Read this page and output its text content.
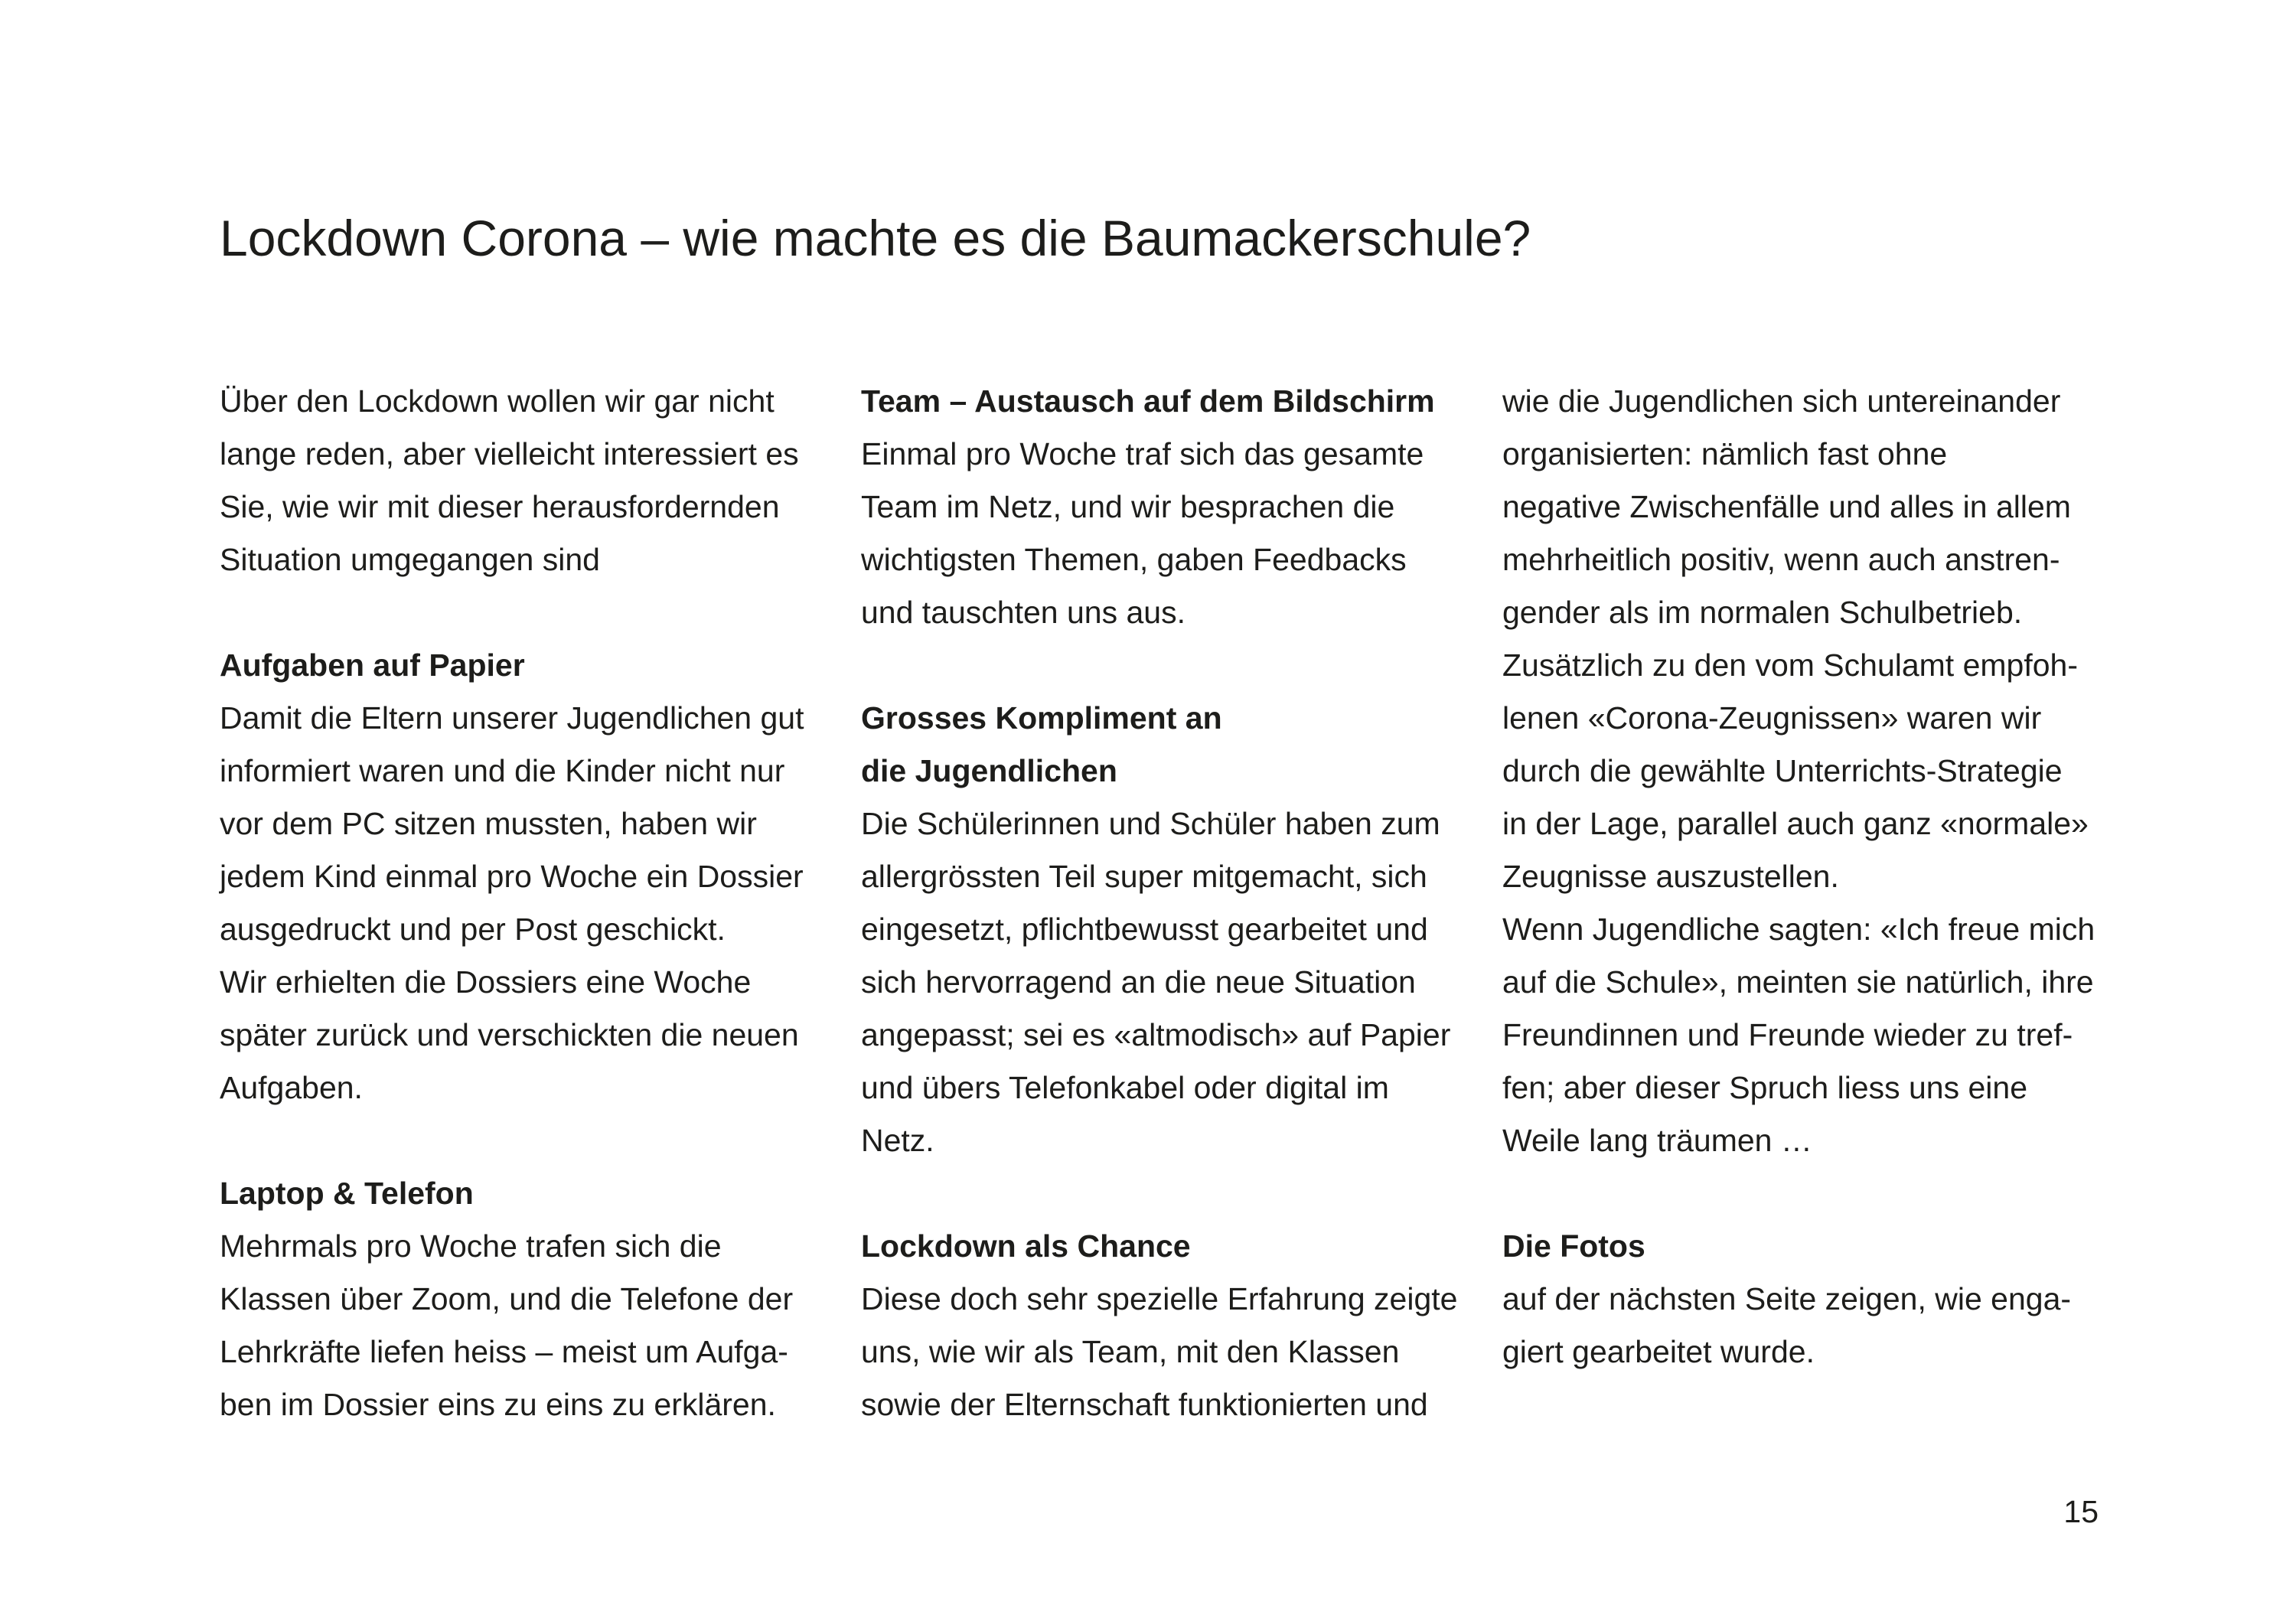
Lockdown Corona – wie machte es die Baumackerschule?
Über den Lockdown wollen wir gar nicht
lange reden, aber vielleicht interessiert es
Sie, wie wir mit dieser herausfordernden
Situation umgegangen sind
Aufgaben auf Papier
Damit die Eltern unserer Jugendlichen gut
informiert waren und die Kinder nicht nur
vor dem PC sitzen mussten, haben wir
jedem Kind einmal pro Woche ein Dossier
ausgedruckt und per Post geschickt.
Wir erhielten die Dossiers eine Woche
später zurück und verschickten die neuen
Aufgaben.
Laptop & Telefon
Mehrmals pro Woche trafen sich die
Klassen über Zoom, und die Telefone der
Lehrkräfte liefen heiss – meist um Aufga-
ben im Dossier eins zu eins zu erklären.
Team – Austausch auf dem Bildschirm
Einmal pro Woche traf sich das gesamte
Team im Netz, und wir besprachen die
wichtigsten Themen, gaben Feedbacks
und tauschten uns aus.
Grosses Kompliment an
die Jugendlichen
Die Schülerinnen und Schüler haben zum
allergrössten Teil super mitgemacht, sich
eingesetzt, pflichtbewusst gearbeitet und
sich hervorragend an die neue Situation
angepasst; sei es «altmodisch» auf Papier
und übers Telefonkabel oder digital im
Netz.
Lockdown als Chance
Diese doch sehr spezielle Erfahrung zeigte
uns, wie wir als Team, mit den Klassen
sowie der Elternschaft funktionierten und
wie die Jugendlichen sich untereinander
organisierten: nämlich fast ohne
negative Zwischenfälle und alles in allem
mehrheitlich positiv, wenn auch anstren-
gender als im normalen Schulbetrieb.
Zusätzlich zu den vom Schulamt empfoh-
lenen «Corona-Zeugnissen» waren wir
durch die gewählte Unterrichts-Strategie
in der Lage, parallel auch ganz «normale»
Zeugnisse auszustellen.
Wenn Jugendliche sagten: «Ich freue mich
auf die Schule», meinten sie natürlich, ihre
Freundinnen und Freunde wieder zu tref-
fen; aber dieser Spruch liess uns eine
Weile lang träumen …
Die Fotos
auf der nächsten Seite zeigen, wie enga-
giert gearbeitet wurde.
15
